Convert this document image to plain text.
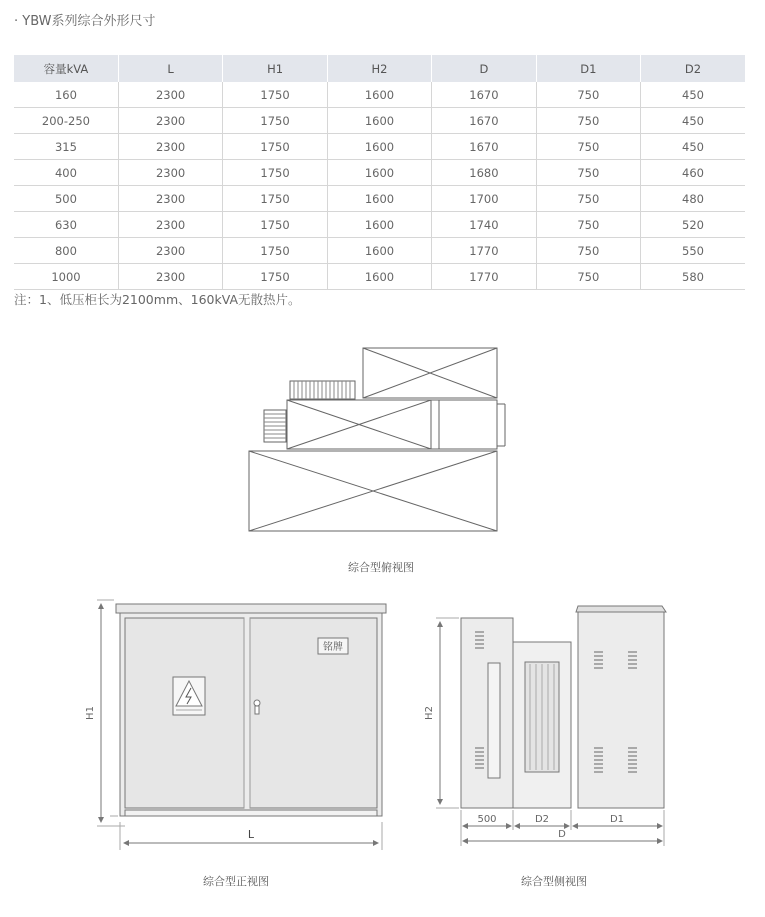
· YBW系列综合外形尺寸
容量kVA	L	H1	H2	D	D1	D2
160	2300	1750	1600	1670	750	450
200-250	2300	1750	1600	1670	750	450
315	2300	1750	1600	1670	750	450
400	2300	1750	1600	1680	750	460
500	2300	1750	1600	1700	750	480
630	2300	1750	1600	1740	750	520
800	2300	1750	1600	1770	750	550
1000	2300	1750	1600	1770	750	580
注：1、低压柜长为2100mm、160kVA无散热片。
铭牌
H1
L
H2
500	D2	D1
D
综合型俯视图
综合型正视图	综合型侧视图
